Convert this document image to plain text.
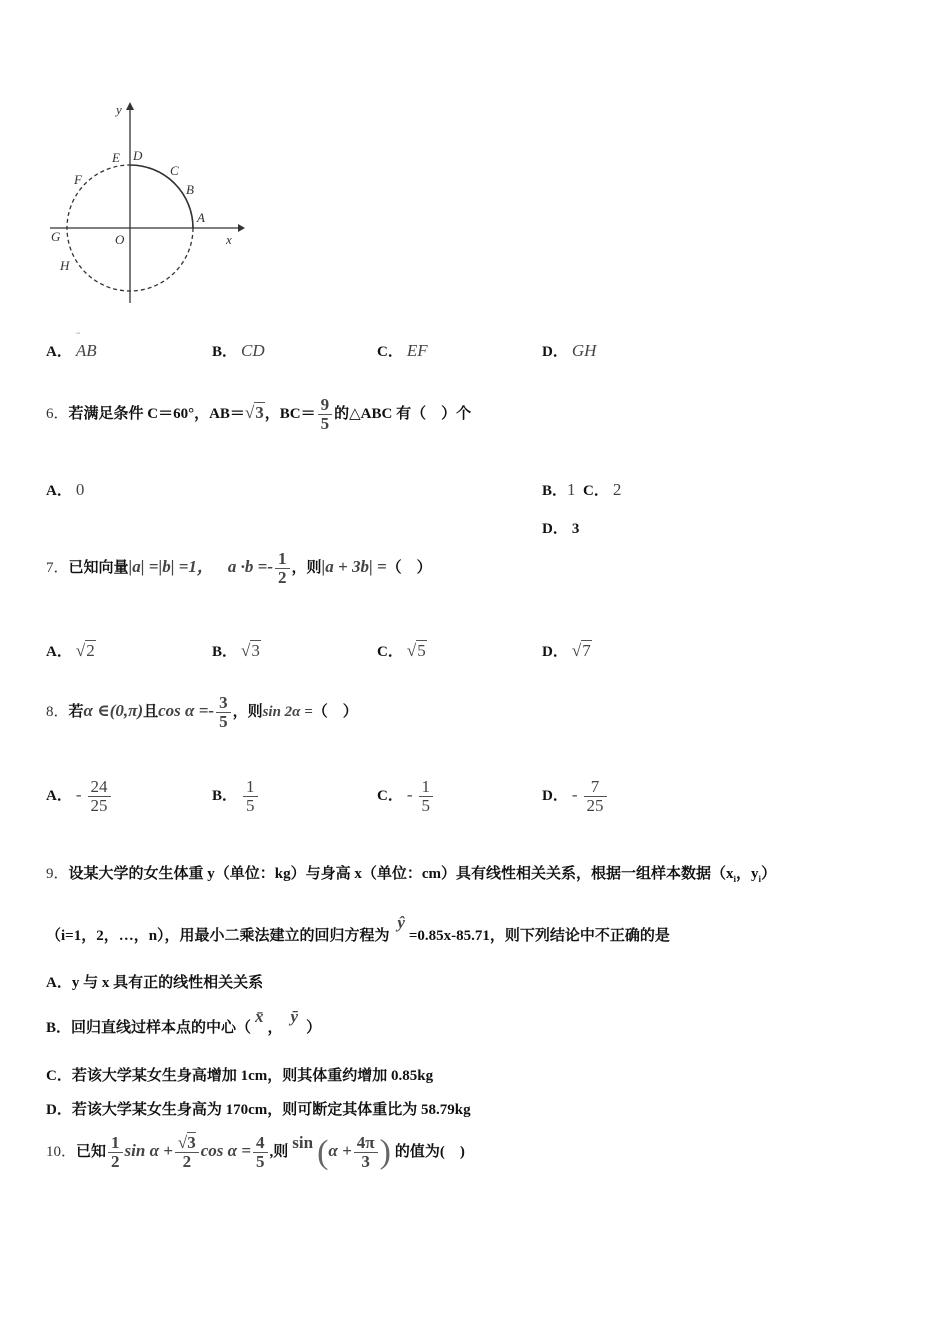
y
x
O
A
B
C
D
E
F
G
H
A． AB	B． CD	C． EF	D． GH
6．若满足条件 C＝60°，AB＝√3，$BC= \frac{9}{5}$ 的△ABC 有（　）个
A． 0	B．1 C． 2
D． 3
7．已知向量|a| =|b| =1， $a \cdot b =- \frac{1}{2}$ ，则|a + 3b| =（　）
A． √2	B． √3	C． √5	D． √7
8．若α ∈(0,π)且$\cos \alpha =- \frac{3}{5}$ ，则sin 2α =（　）
A． - $\frac{24}{25}$	B． $\frac{1}{5}$	C． - $\frac{1}{5}$	D． - $\frac{7}{25}$
9．设某大学的女生体重 y（单位：kg）与身高 x（单位：cm）具有线性相关关系，根据一组样本数据（$x_i$，$y_i$）
（i=1，2，…，n），用最小二乘法建立的回归方程为 ŷ=0.85x-85.71，则下列结论中不正确的是
A．y 与 x 具有正的线性相关关系
B．回归直线过样本点的中心（x̄，ȳ）
C．若该大学某女生身高增加 1cm，则其体重约增加 0.85kg
D．若该大学某女生身高为 170cm，则可断定其体重比为 58.79kg
10．已知 $\frac{1}{2}$ $\sin \alpha + \frac{√3}{2}$ $\cos \alpha = \frac{4}{5}$ ,则 $\sin (\alpha + \frac{4\pi}{3}$ ) 的值为(　)
